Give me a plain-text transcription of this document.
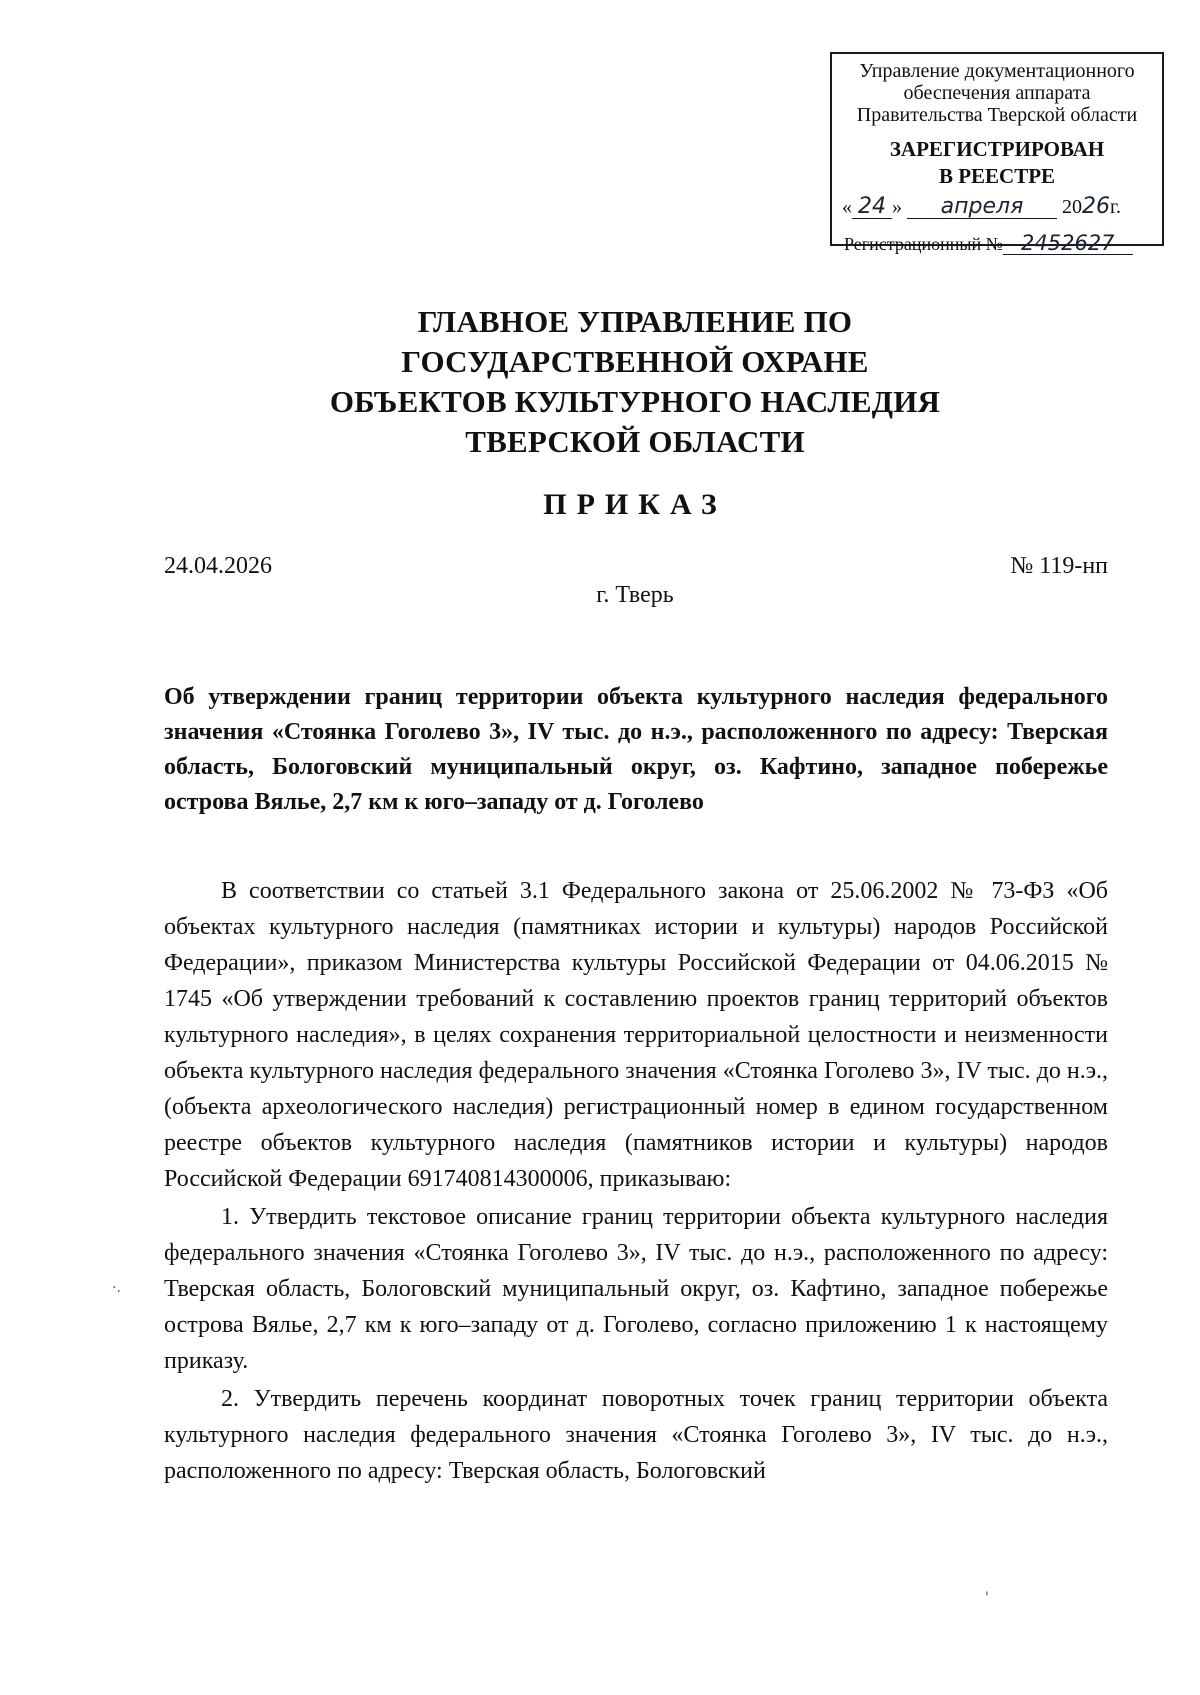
Управление документационного
обеспечения аппарата
Правительства Тверской области
ЗАРЕГИСТРИРОВАН
В РЕЕСТРЕ
« 24 » апреля 2026г.
Регистрационный № 24526̶27
ГЛАВНОЕ УПРАВЛЕНИЕ ПО
ГОСУДАРСТВЕННОЙ ОХРАНЕ
ОБЪЕКТОВ КУЛЬТУРНОГО НАСЛЕДИЯ
ТВЕРСКОЙ ОБЛАСТИ
ПРИКАЗ
24.04.2026	№ 119-нп
г. Тверь
Об утверждении границ территории объекта культурного наследия федерального значения «Стоянка Гоголево 3», IV тыс. до н.э., расположенного по адресу: Тверская область, Бологовский муниципальный округ, оз. Кафтино, западное побережье острова Вялье, 2,7 км к юго–западу от д. Гоголево

В соответствии со статьей 3.1 Федерального закона от 25.06.2002 № 73-ФЗ «Об объектах культурного наследия (памятниках истории и культуры) народов Российской Федерации», приказом Министерства культуры Российской Федерации от 04.06.2015 № 1745 «Об утверждении требований к составлению проектов границ территорий объектов культурного наследия», в целях сохранения территориальной целостности и неизменности объекта культурного наследия федерального значения «Стоянка Гоголево 3», IV тыс. до н.э., (объекта археологического наследия) регистрационный номер в едином государственном реестре объектов культурного наследия (памятников истории и культуры) народов Российской Федерации 691740814300006, приказываю:

1. Утвердить текстовое описание границ территории объекта культурного наследия федерального значения «Стоянка Гоголево 3», IV тыс. до н.э., расположенного по адресу: Тверская область, Бологовский муниципальный округ, оз. Кафтино, западное побережье острова Вялье, 2,7 км к юго–западу от д. Гоголево, согласно приложению 1 к настоящему приказу.

2. Утвердить перечень координат поворотных точек границ территории объекта культурного наследия федерального значения «Стоянка Гоголево 3», IV тыс. до н.э., расположенного по адресу: Тверская область, Бологовский

·.
'
